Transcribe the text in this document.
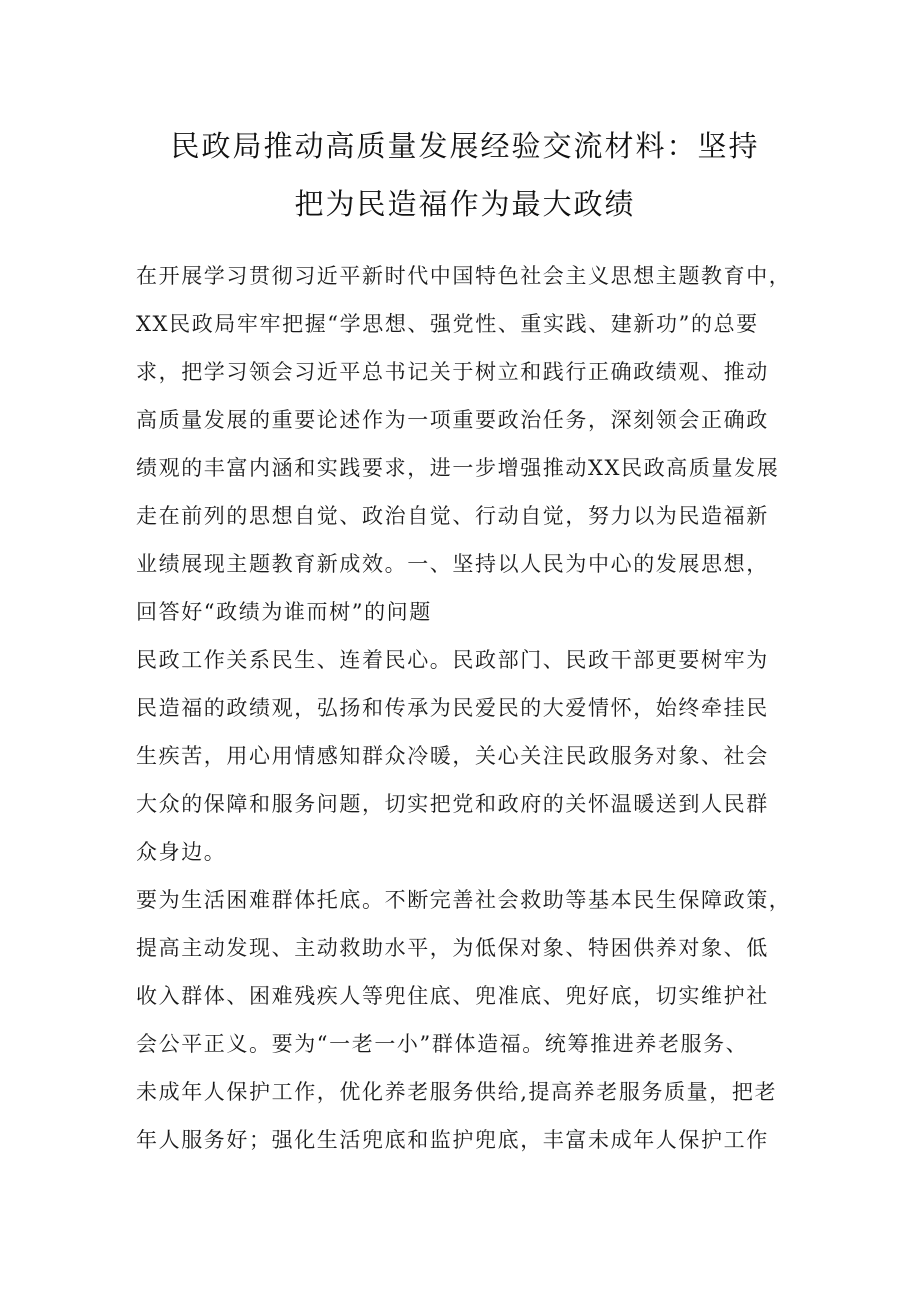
民政局推动高质量发展经验交流材料：坚持
把为民造福作为最大政绩
在开展学习贯彻习近平新时代中国特色社会主义思想主题教育中，
XX民政局牢牢把握“学思想、强党性、重实践、建新功”的总要
求，把学习领会习近平总书记关于树立和践行正确政绩观、推动
高质量发展的重要论述作为一项重要政治任务，深刻领会正确政
绩观的丰富内涵和实践要求，进一步增强推动XX民政高质量发展
走在前列的思想自觉、政治自觉、行动自觉，努力以为民造福新
业绩展现主题教育新成效。一、坚持以人民为中心的发展思想，
回答好“政绩为谁而树”的问题
民政工作关系民生、连着民心。民政部门、民政干部更要树牢为
民造福的政绩观，弘扬和传承为民爱民的大爱情怀，始终牵挂民
生疾苦，用心用情感知群众冷暖，关心关注民政服务对象、社会
大众的保障和服务问题，切实把党和政府的关怀温暖送到人民群
众身边。
要为生活困难群体托底。不断完善社会救助等基本民生保障政策，
提高主动发现、主动救助水平，为低保对象、特困供养对象、低
收入群体、困难残疾人等兜住底、兜准底、兜好底，切实维护社
会公平正义。要为“一老一小”群体造福。统筹推进养老服务、
未成年人保护工作，优化养老服务供给,提高养老服务质量，把老
年人服务好；强化生活兜底和监护兜底，丰富未成年人保护工作
